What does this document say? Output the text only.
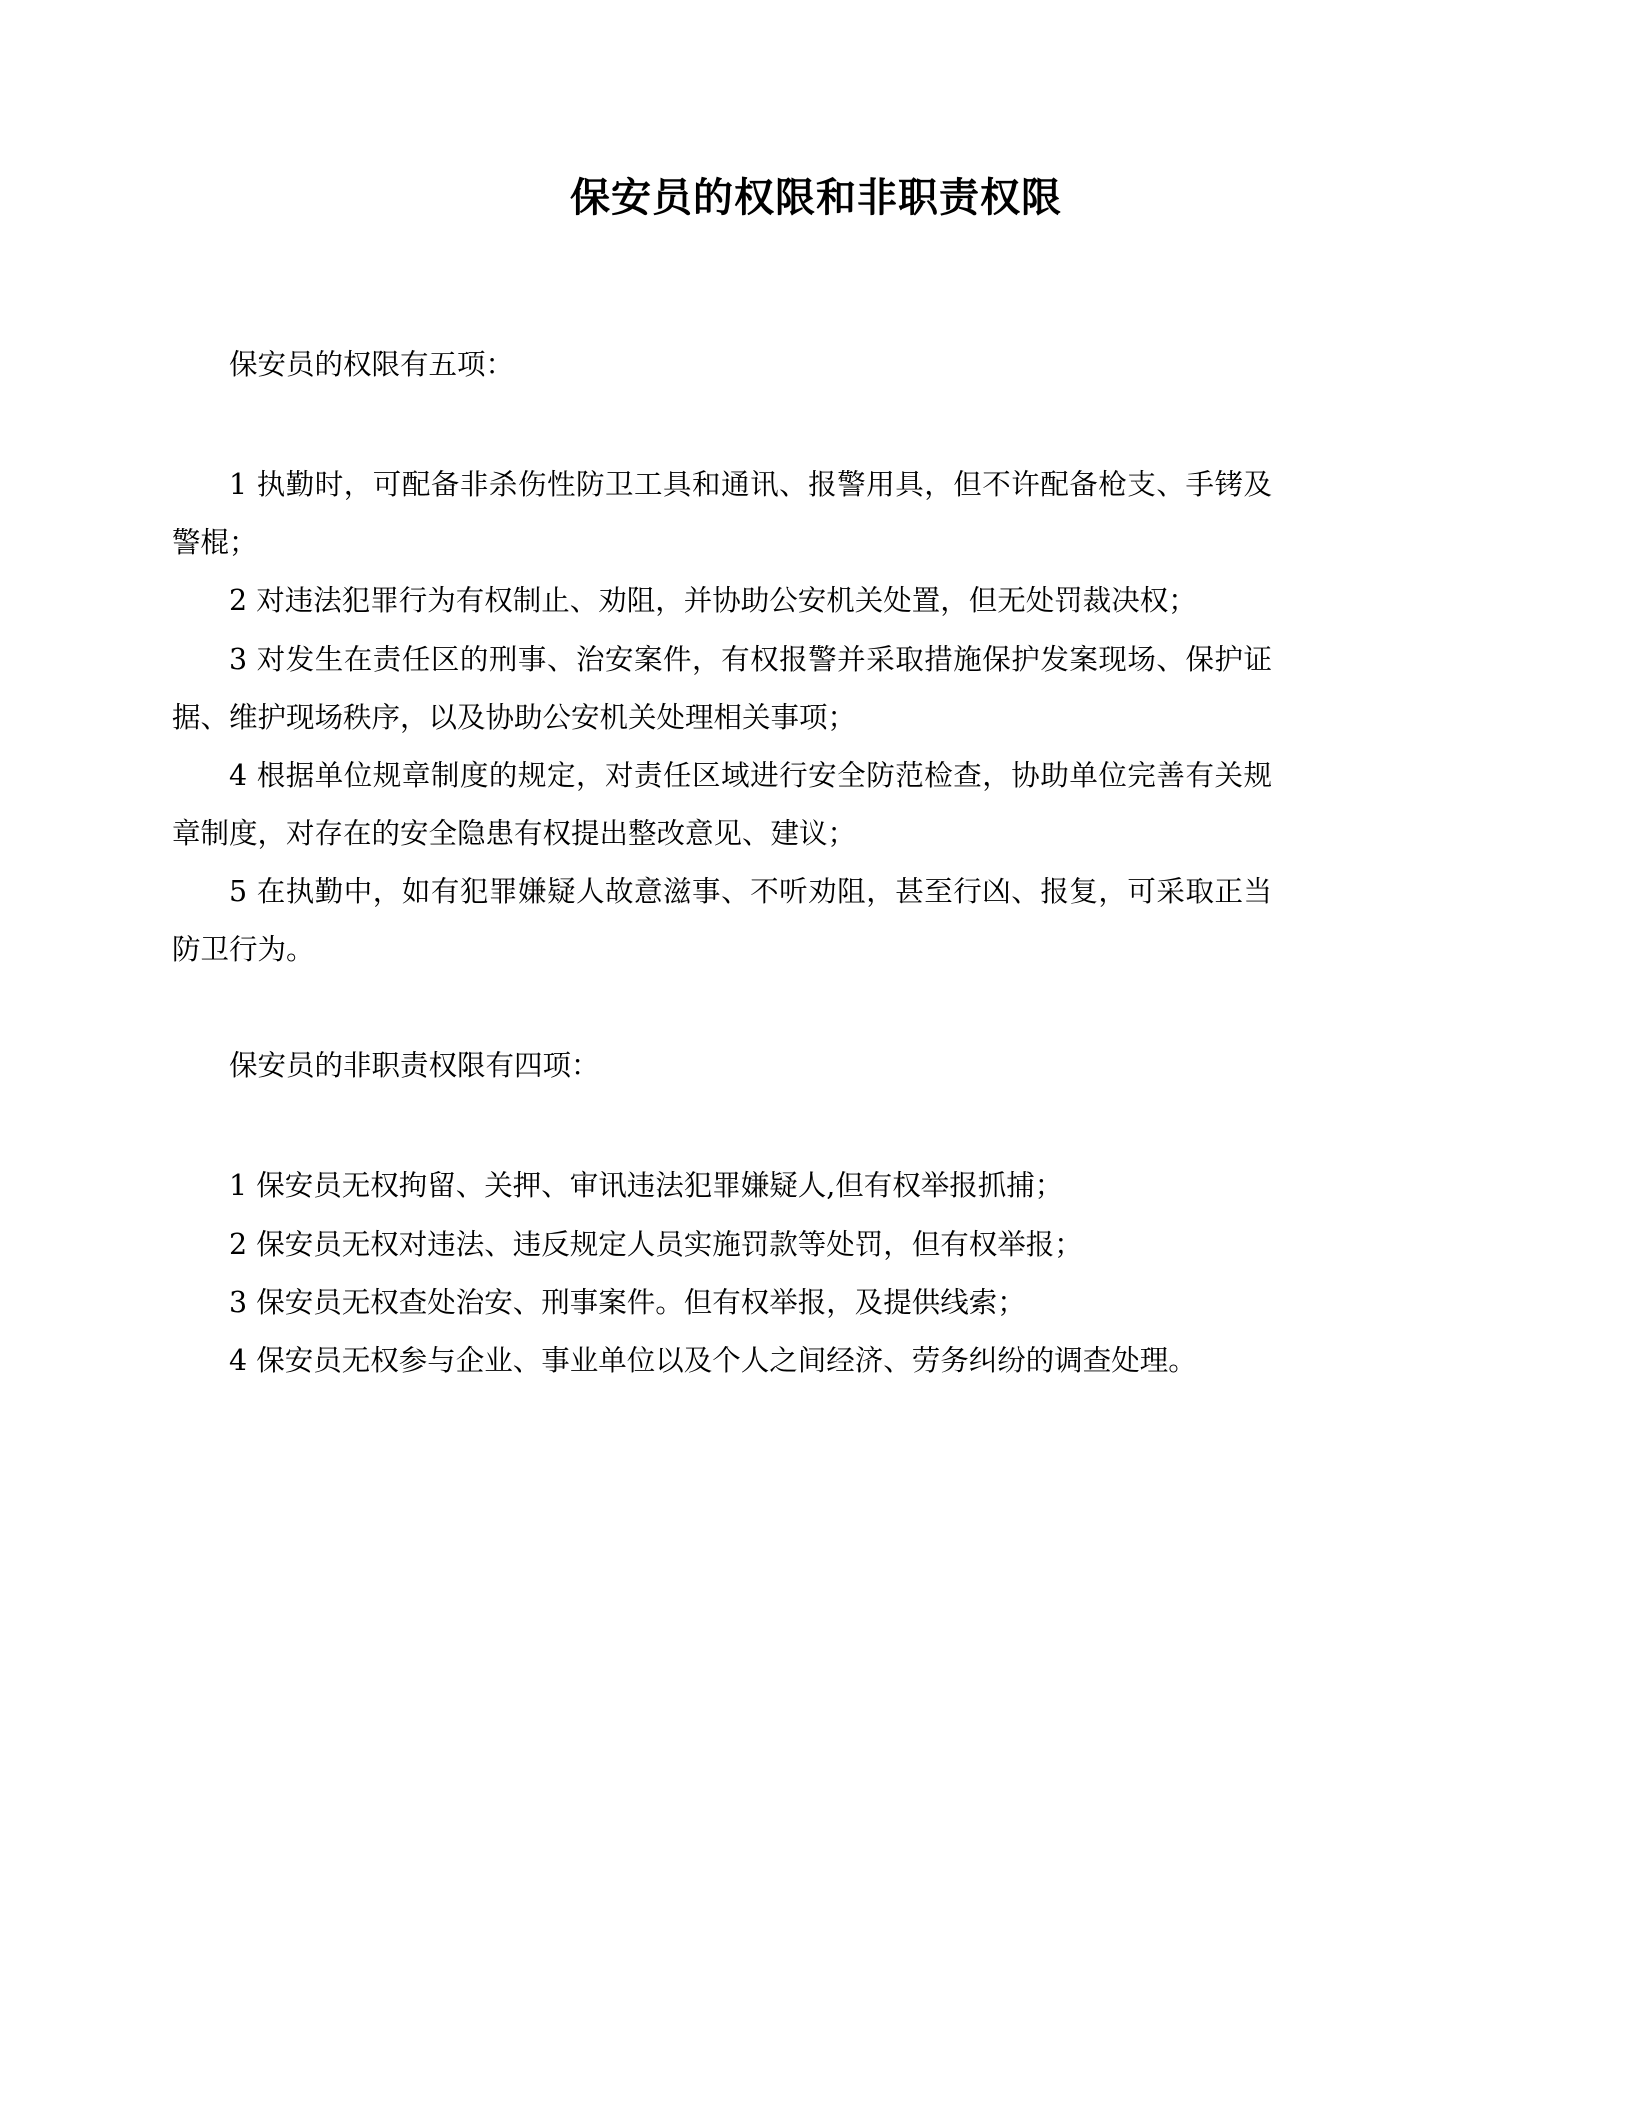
保安员的权限和非职责权限

保安员的权限有五项：

1 执勤时，可配备非杀伤性防卫工具和通讯、报警用具，但不许配备枪支、手铐及警棍；

2 对违法犯罪行为有权制止、劝阻，并协助公安机关处置，但无处罚裁决权；

3 对发生在责任区的刑事、治安案件，有权报警并采取措施保护发案现场、保护证据、维护现场秩序，以及协助公安机关处理相关事项；

4 根据单位规章制度的规定，对责任区域进行安全防范检查，协助单位完善有关规章制度，对存在的安全隐患有权提出整改意见、建议；

5 在执勤中，如有犯罪嫌疑人故意滋事、不听劝阻，甚至行凶、报复，可采取正当防卫行为。

保安员的非职责权限有四项：

1 保安员无权拘留、关押、审讯违法犯罪嫌疑人,但有权举报抓捕；

2 保安员无权对违法、违反规定人员实施罚款等处罚，但有权举报；

3 保安员无权查处治安、刑事案件。但有权举报，及提供线索；

4 保安员无权参与企业、事业单位以及个人之间经济、劳务纠纷的调查处理。
